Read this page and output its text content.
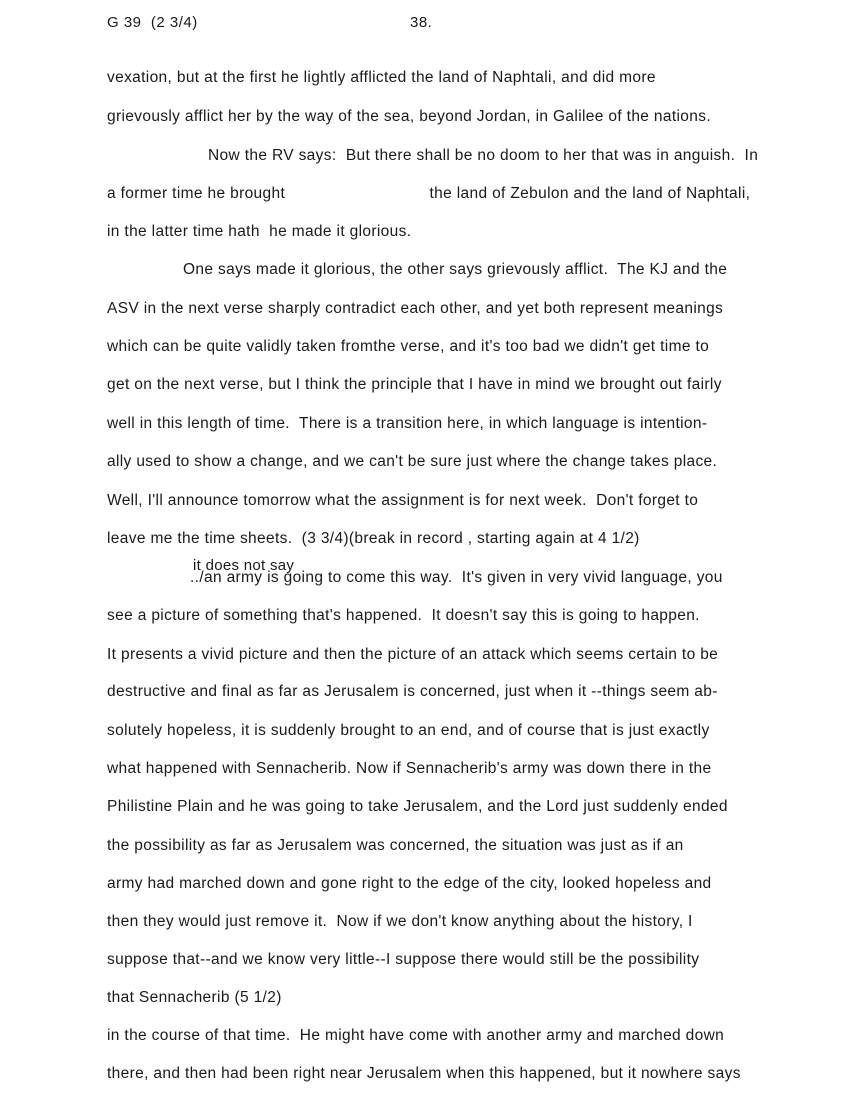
G 39  (2 3/4)	38.
vexation, but at the first he lightly afflicted the land of Naphtali, and did more
grievously afflict her by the way of the sea, beyond Jordan, in Galilee of the nations.
Now the RV says:  But there shall be no doom to her that was in anguish.  In
a former time he brought                               the land of Zebulon and the land of Naphtali,
in the latter time hath  he made it glorious.
One says made it glorious, the other says grievously afflict.  The KJ and the
ASV in the next verse sharply contradict each other, and yet both represent meanings
which can be quite validly taken fromthe verse, and it's too bad we didn't get time to
get on the next verse, but I think the principle that I have in mind we brought out fairly
well in this length of time.  There is a transition here, in which language is intention-
ally used to show a change, and we can't be sure just where the change takes place.
Well, I'll announce tomorrow what the assignment is for next week.  Don't forget to
leave me the time sheets.  (3 3/4)(break in record , starting again at 4 1/2)
it does not say
../an army is going to come this way.  It's given in very vivid language, you
see a picture of something that's happened.  It doesn't say this is going to happen.
It presents a vivid picture and then the picture of an attack which seems certain to be
destructive and final as far as Jerusalem is concerned, just when it --things seem ab-
solutely hopeless, it is suddenly brought to an end, and of course that is just exactly
what happened with Sennacherib. Now if Sennacherib's army was down there in the
Philistine Plain and he was going to take Jerusalem, and the Lord just suddenly ended
the possibility as far as Jerusalem was concerned, the situation was just as if an
army had marched down and gone right to the edge of the city, looked hopeless and
then they would just remove it.  Now if we don't know anything about the history, I
suppose that--and we know very little--I suppose there would still be the possibility
that Sennacherib (5 1/2)
in the course of that time.  He might have come with another army and marched down
there, and then had been right near Jerusalem when this happened, but it nowhere says
